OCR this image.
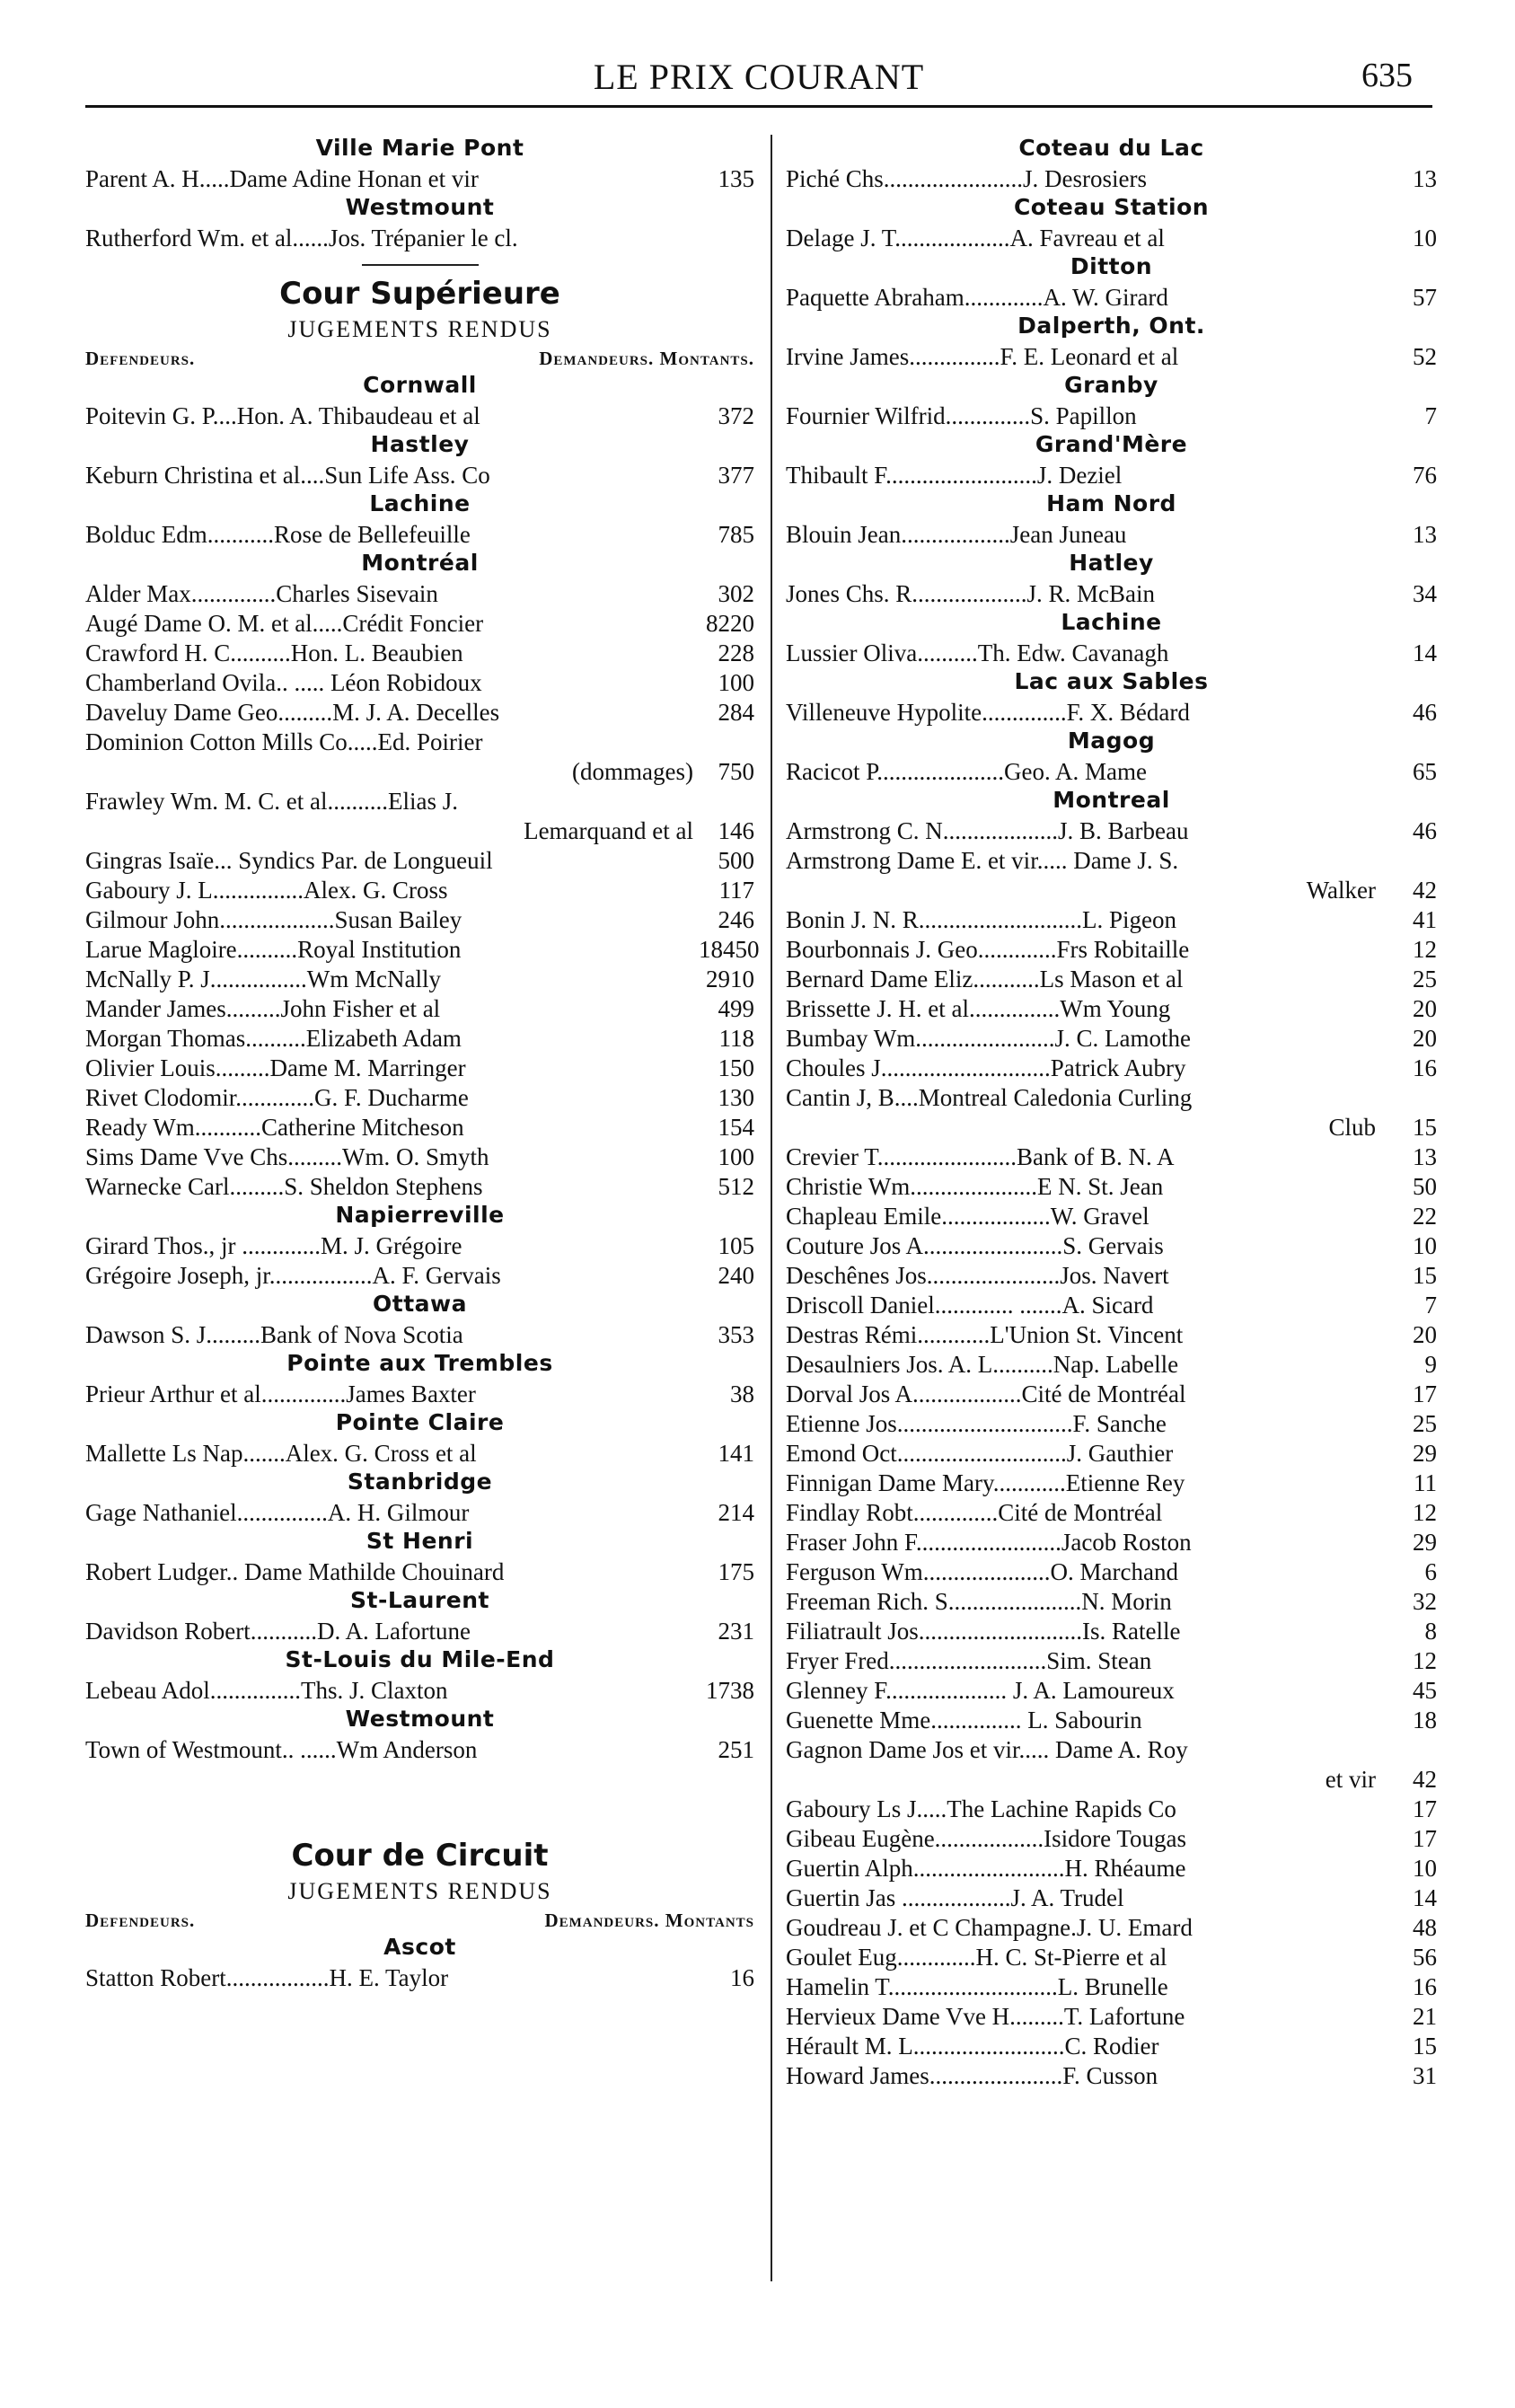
LE PRIX COURANT	635
Ville Marie Pont
Parent A. H.....Dame Adine Honan et vir	135
Westmount
Rutherford Wm. et al......Jos. Trépanier le cl.
Cour Supérieure
JUGEMENTS RENDUS
Defendeurs.	Demandeurs. Montants.
Cornwall
Poitevin G. P....Hon. A. Thibaudeau et al	372
Hastley
Keburn Christina et al....Sun Life Ass. Co	377
Lachine
Bolduc Edm...........Rose de Bellefeuille	785
Montréal
Alder Max..............Charles Sisevain	302
Augé Dame O. M. et al.....Crédit Foncier	8220
Crawford H. C..........Hon. L. Beaubien	228
Chamberland Ovila.. ..... Léon Robidoux	100
Daveluy Dame Geo.........M. J. A. Decelles	284
Dominion Cotton Mills Co.....Ed. Poirier
(dommages)	750
Frawley Wm. M. C. et al..........Elias J.
Lemarquand et al	146
Gingras Isaïe... Syndics Par. de Longueuil	500
Gaboury J. L...............Alex. G. Cross	117
Gilmour John...................Susan Bailey	246
Larue Magloire..........Royal Institution	18450
McNally P. J................Wm McNally	2910
Mander James.........John Fisher et al	499
Morgan Thomas..........Elizabeth Adam	118
Olivier Louis.........Dame M. Marringer	150
Rivet Clodomir.............G. F. Ducharme	130
Ready Wm...........Catherine Mitcheson	154
Sims Dame Vve Chs.........Wm. O. Smyth	100
Warnecke Carl.........S. Sheldon Stephens	512
Napierreville
Girard Thos., jr .............M. J. Grégoire	105
Grégoire Joseph, jr.................A. F. Gervais	240
Ottawa
Dawson S. J.........Bank of Nova Scotia	353
Pointe aux Trembles
Prieur Arthur et al..............James Baxter	38
Pointe Claire
Mallette Ls Nap.......Alex. G. Cross et al	141
Stanbridge
Gage Nathaniel...............A. H. Gilmour	214
St Henri
Robert Ludger.. Dame Mathilde Chouinard	175
St-Laurent
Davidson Robert...........D. A. Lafortune	231
St-Louis du Mile-End
Lebeau Adol...............Ths. J. Claxton	1738
Westmount
Town of Westmount.. ......Wm Anderson	251
Cour de Circuit
JUGEMENTS RENDUS
Defendeurs.	Demandeurs. Montants
Ascot
Statton Robert.................H. E. Taylor	16
Coteau du Lac
Piché Chs.......................J. Desrosiers	13
Coteau Station
Delage J. T...................A. Favreau et al	10
Ditton
Paquette Abraham.............A. W. Girard	57
Dalperth, Ont.
Irvine James...............F. E. Leonard et al	52
Granby
Fournier Wilfrid..............S. Papillon	7
Grand'Mère
Thibault F.........................J. Deziel	76
Ham Nord
Blouin Jean..................Jean Juneau	13
Hatley
Jones Chs. R...................J. R. McBain	34
Lachine
Lussier Oliva..........Th. Edw. Cavanagh	14
Lac aux Sables
Villeneuve Hypolite..............F. X. Bédard	46
Magog
Racicot P.....................Geo. A. Mame	65
Montreal
Armstrong C. N...................J. B. Barbeau	46
Armstrong Dame E. et vir..... Dame J. S.
Walker	42
Bonin J. N. R...........................L. Pigeon	41
Bourbonnais J. Geo.............Frs Robitaille	12
Bernard Dame Eliz...........Ls Mason et al	25
Brissette J. H. et al...............Wm Young	20
Bumbay Wm.......................J. C. Lamothe	20
Choules J............................Patrick Aubry	16
Cantin J, B....Montreal Caledonia Curling
Club	15
Crevier T.......................Bank of B. N. A	13
Christie Wm.....................E N. St. Jean	50
Chapleau Emile..................W. Gravel	22
Couture Jos A.......................S. Gervais	10
Deschênes Jos......................Jos. Navert	15
Driscoll Daniel............. .......A. Sicard	7
Destras Rémi............L'Union St. Vincent	20
Desaulniers Jos. A. L..........Nap. Labelle	9
Dorval Jos A..................Cité de Montréal	17
Etienne Jos.............................F. Sanche	25
Emond Oct............................J. Gauthier	29
Finnigan Dame Mary............Etienne Rey	11
Findlay Robt..............Cité de Montréal	12
Fraser John F........................Jacob Roston	29
Ferguson Wm.....................O. Marchand	6
Freeman Rich. S......................N. Morin	32
Filiatrault Jos...........................Is. Ratelle	8
Fryer Fred..........................Sim. Stean	12
Glenney F.................... J. A. Lamoureux	45
Guenette Mme............... L. Sabourin	18
Gagnon Dame Jos et vir..... Dame A. Roy
et vir	42
Gaboury Ls J.....The Lachine Rapids Co	17
Gibeau Eugène..................Isidore Tougas	17
Guertin Alph.........................H. Rhéaume	10
Guertin Jas ..................J. A. Trudel	14
Goudreau J. et C Champagne.J. U. Emard	48
Goulet Eug.............H. C. St-Pierre et al	56
Hamelin T............................L. Brunelle	16
Hervieux Dame Vve H.........T. Lafortune	21
Hérault M. L.........................C. Rodier	15
Howard James......................F. Cusson	31
